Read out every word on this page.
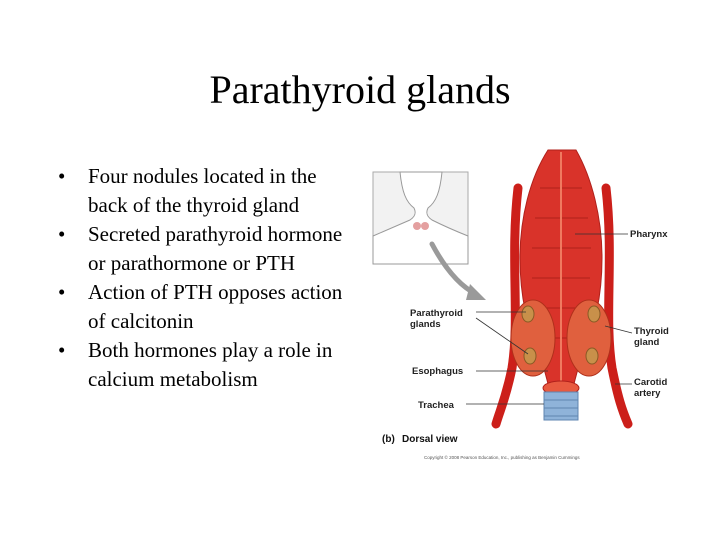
Parathyroid glands
• Four nodules located in the back of the thyroid gland
• Secreted parathyroid hormone or parathormone or PTH
• Action of PTH opposes action of calcitonin
• Both hormones play a role in calcium metabolism
Pharynx
Parathyroid
glands
Thyroid
gland
Esophagus
Carotid
artery
Trachea
(b) Dorsal view
Copyright © 2008 Pearson Education, Inc., publishing as Benjamin Cummings
